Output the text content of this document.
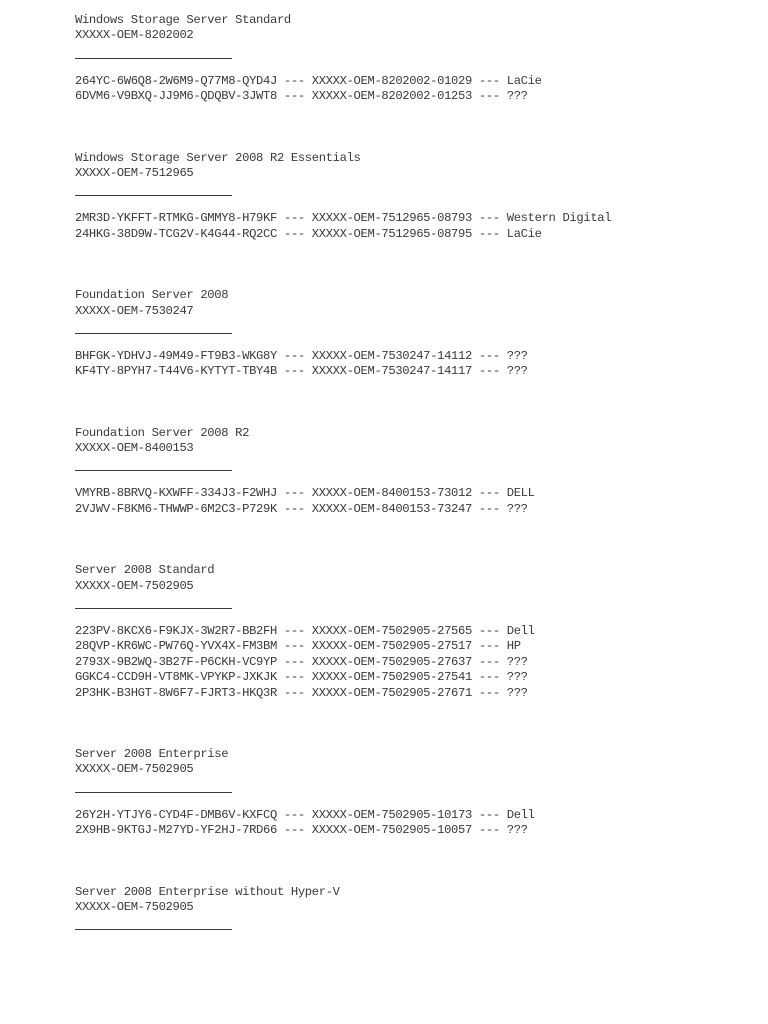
Windows Storage Server Standard
XXXXX-OEM-8202002
264YC-6W6Q8-2W6M9-Q77M8-QYD4J --- XXXXX-OEM-8202002-01029 --- LaCie
6DVM6-V9BXQ-JJ9M6-QDQBV-3JWT8 --- XXXXX-OEM-8202002-01253 --- ???
Windows Storage Server 2008 R2 Essentials
XXXXX-OEM-7512965
2MR3D-YKFFT-RTMKG-GMMY8-H79KF --- XXXXX-OEM-7512965-08793 --- Western Digital
24HKG-38D9W-TCG2V-K4G44-RQ2CC --- XXXXX-OEM-7512965-08795 --- LaCie
Foundation Server 2008
XXXXX-OEM-7530247
BHFGK-YDHVJ-49M49-FT9B3-WKG8Y --- XXXXX-OEM-7530247-14112 --- ???
KF4TY-8PYH7-T44V6-KYTYT-TBY4B --- XXXXX-OEM-7530247-14117 --- ???
Foundation Server 2008 R2
XXXXX-OEM-8400153
VMYRB-8BRVQ-KXWFF-334J3-F2WHJ --- XXXXX-OEM-8400153-73012 --- DELL
2VJWV-F8KM6-THWWP-6M2C3-P729K --- XXXXX-OEM-8400153-73247 --- ???
Server 2008 Standard
XXXXX-OEM-7502905
223PV-8KCX6-F9KJX-3W2R7-BB2FH --- XXXXX-OEM-7502905-27565 --- Dell
28QVP-KR6WC-PW76Q-YVX4X-FM3BM --- XXXXX-OEM-7502905-27517 --- HP
2793X-9B2WQ-3B27F-P6CKH-VC9YP --- XXXXX-OEM-7502905-27637 --- ???
GGKC4-CCD9H-VT8MK-VPYKP-JXKJK --- XXXXX-OEM-7502905-27541 --- ???
2P3HK-B3HGT-8W6F7-FJRT3-HKQ3R --- XXXXX-OEM-7502905-27671 --- ???
Server 2008 Enterprise
XXXXX-OEM-7502905
26Y2H-YTJY6-CYD4F-DMB6V-KXFCQ --- XXXXX-OEM-7502905-10173 --- Dell
2X9HB-9KTGJ-M27YD-YF2HJ-7RD66 --- XXXXX-OEM-7502905-10057 --- ???
Server 2008 Enterprise without Hyper-V
XXXXX-OEM-7502905
